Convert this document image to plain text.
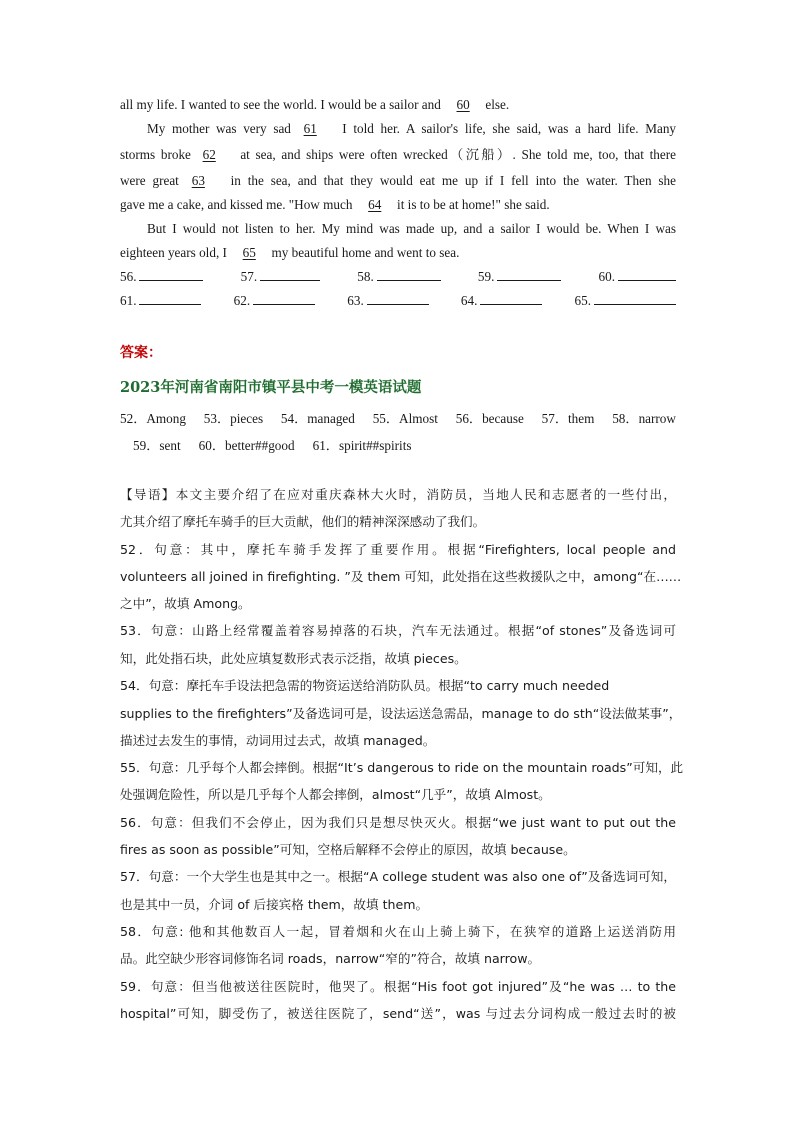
all my life. I wanted to see the world. I would be a sailor and 60 else.
My mother was very sad 61 I told her. A sailor's life, she said, was a hard life. Many
storms broke 62 at sea, and ships were often wrecked（沉船）. She told me, too, that there
were great 63 in the sea, and that they would eat me up if I fell into the water. Then she
gave me a cake, and kissed me. "How much 64 it is to be at home!" she said.
But I would not listen to her. My mind was made up, and a sailor I would be. When I was
eighteen years old, I 65 my beautiful home and went to sea.
56.	57.	58.	59.	60.
61.	62.	63.	64.	65.
答案：
2023年河南省南阳市镇平县中考一模英语试题
52．Among 53．pieces 54．managed 55．Almost 56．because 57．them 58．narrow
59．sent 60．better##good 61．spirit##spirits
【导语】本文主要介绍了在应对重庆森林大火时，消防员，当地人民和志愿者的一些付出，
尤其介绍了摩托车骑手的巨大贡献，他们的精神深深感动了我们。
52．句意：其中，摩托车骑手发挥了重要作用。根据“Firefighters, local people and
volunteers all joined in firefighting. ”及 them 可知，此处指在这些救援队之中，among“在……
之中”，故填 Among。
53．句意：山路上经常覆盖着容易掉落的石块，汽车无法通过。根据“of stones”及备选词可
知，此处指石块，此处应填复数形式表示泛指，故填 pieces。
54．句意：摩托车手设法把急需的物资运送给消防队员。根据“to carry much needed
supplies to the firefighters”及备选词可是，设法运送急需品，manage to do sth“设法做某事”，
描述过去发生的事情，动词用过去式，故填 managed。
55．句意：几乎每个人都会摔倒。根据“It’s dangerous to ride on the mountain roads”可知，此
处强调危险性，所以是几乎每个人都会摔倒，almost“几乎”，故填 Almost。
56．句意：但我们不会停止，因为我们只是想尽快灭火。根据“we just want to put out the
fires as soon as possible”可知，空格后解释不会停止的原因，故填 because。
57．句意：一个大学生也是其中之一。根据“A college student was also one of”及备选词可知，
也是其中一员，介词 of 后接宾格 them，故填 them。
58．句意: 他和其他数百人一起，冒着烟和火在山上骑上骑下，在狭窄的道路上运送消防用
品。此空缺少形容词修饰名词 roads，narrow“窄的”符合，故填 narrow。
59．句意：但当他被送往医院时，他哭了。根据“His foot got injured”及“he was … to the
hospital”可知，脚受伤了，被送往医院了，send“送”，was 与过去分词构成一般过去时的被
